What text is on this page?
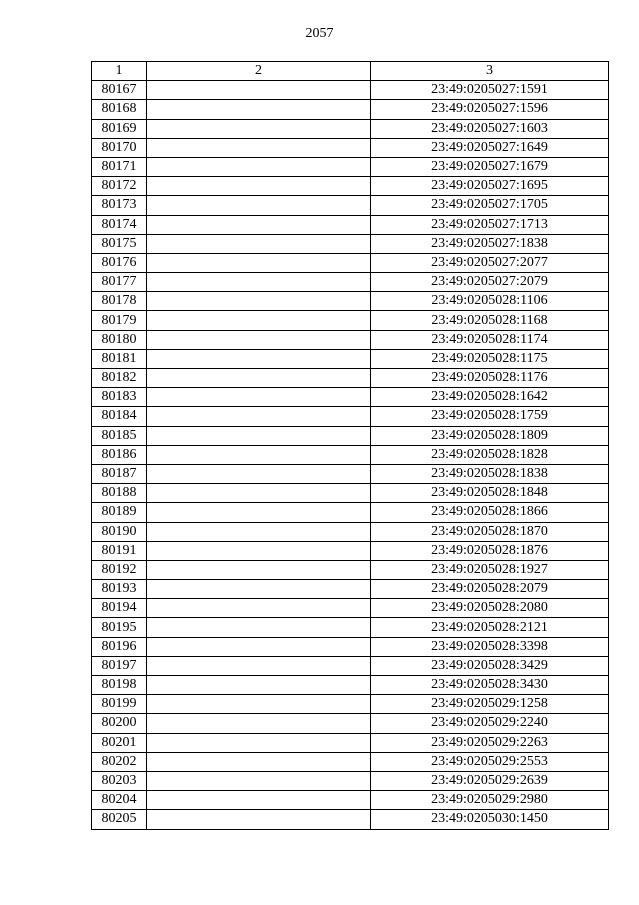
2057
1	2	3
80167		23:49:0205027:1591
80168		23:49:0205027:1596
80169		23:49:0205027:1603
80170		23:49:0205027:1649
80171		23:49:0205027:1679
80172		23:49:0205027:1695
80173		23:49:0205027:1705
80174		23:49:0205027:1713
80175		23:49:0205027:1838
80176		23:49:0205027:2077
80177		23:49:0205027:2079
80178		23:49:0205028:1106
80179		23:49:0205028:1168
80180		23:49:0205028:1174
80181		23:49:0205028:1175
80182		23:49:0205028:1176
80183		23:49:0205028:1642
80184		23:49:0205028:1759
80185		23:49:0205028:1809
80186		23:49:0205028:1828
80187		23:49:0205028:1838
80188		23:49:0205028:1848
80189		23:49:0205028:1866
80190		23:49:0205028:1870
80191		23:49:0205028:1876
80192		23:49:0205028:1927
80193		23:49:0205028:2079
80194		23:49:0205028:2080
80195		23:49:0205028:2121
80196		23:49:0205028:3398
80197		23:49:0205028:3429
80198		23:49:0205028:3430
80199		23:49:0205029:1258
80200		23:49:0205029:2240
80201		23:49:0205029:2263
80202		23:49:0205029:2553
80203		23:49:0205029:2639
80204		23:49:0205029:2980
80205		23:49:0205030:1450
